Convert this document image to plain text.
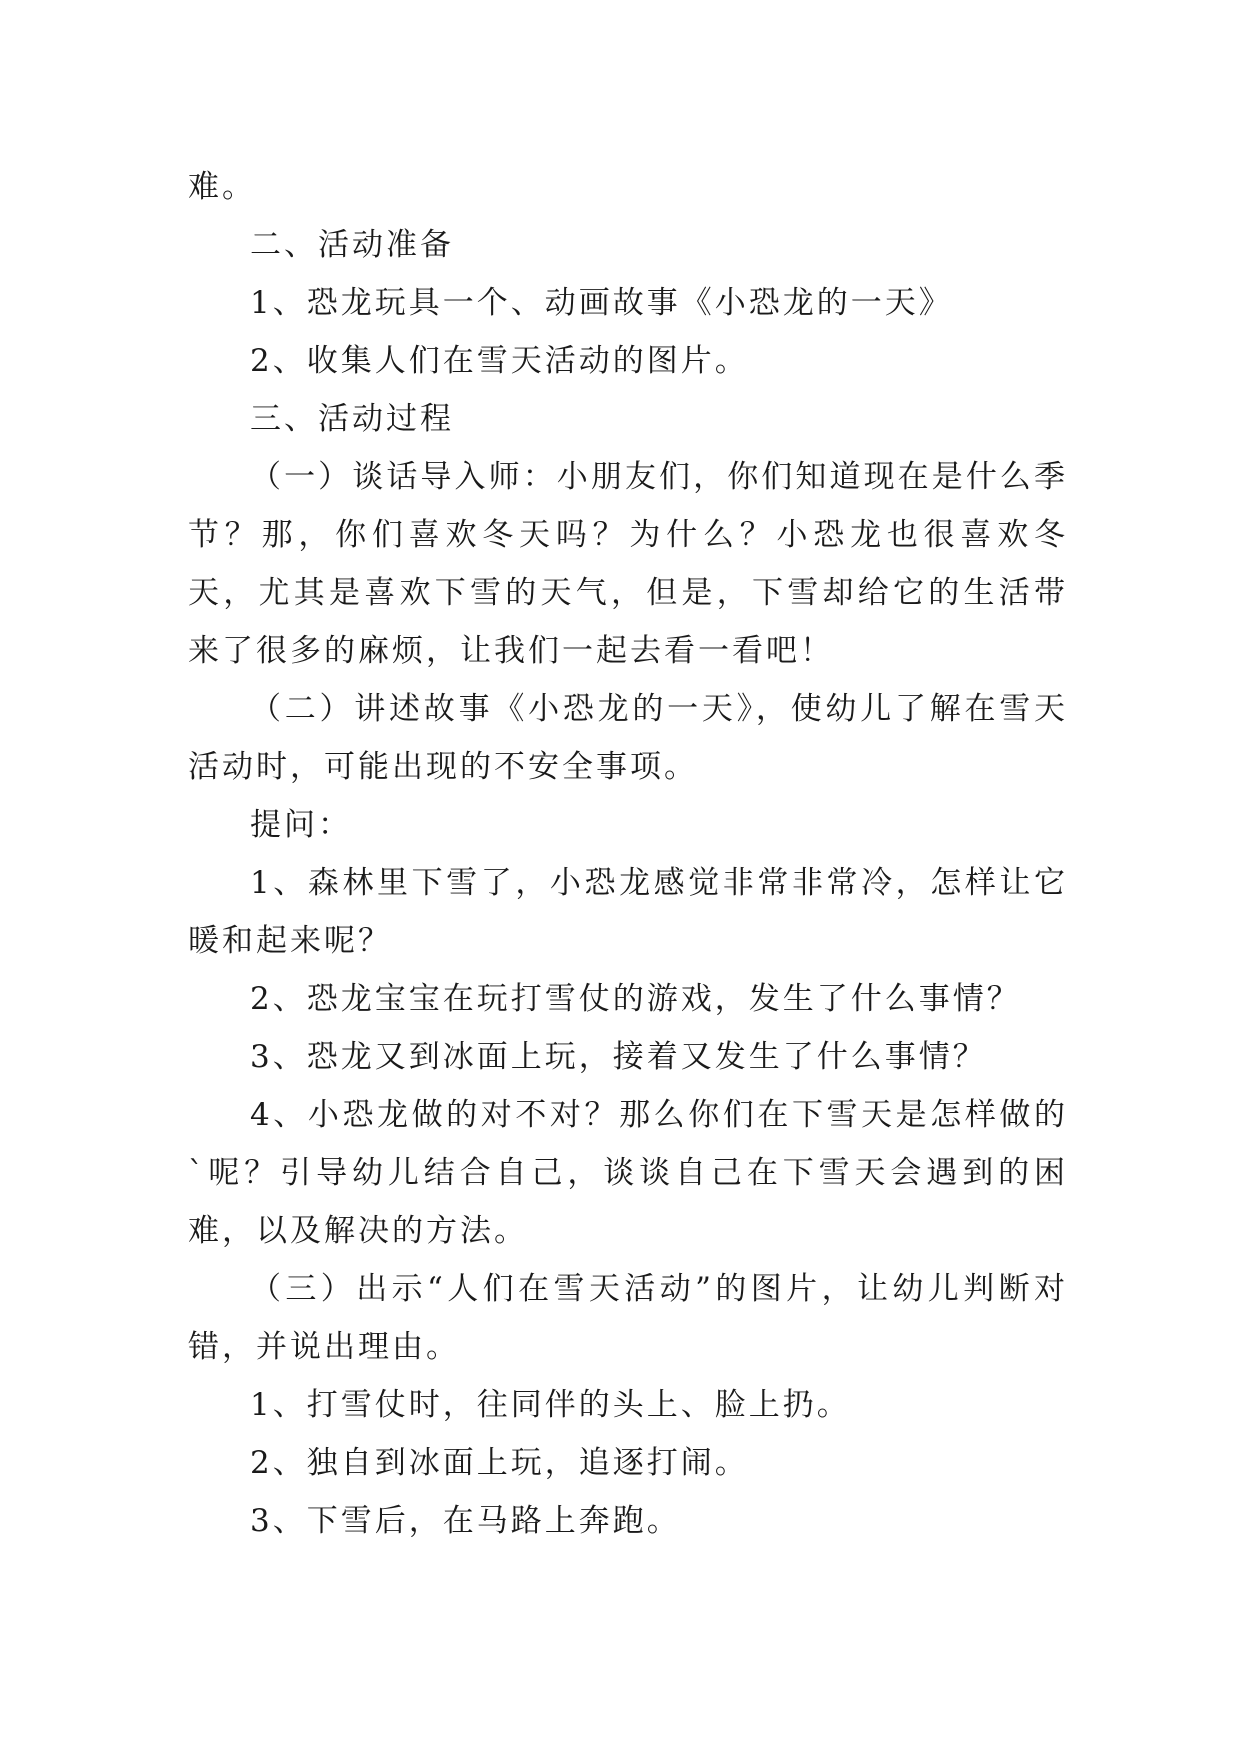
难。

二、活动准备

1、恐龙玩具一个、动画故事《小恐龙的一天》

2、收集人们在雪天活动的图片。

三、活动过程

（一）谈话导入师：小朋友们，你们知道现在是什么季节？那，你们喜欢冬天吗？为什么？小恐龙也很喜欢冬天，尤其是喜欢下雪的天气，但是，下雪却给它的生活带来了很多的麻烦，让我们一起去看一看吧！

（二）讲述故事《小恐龙的一天》，使幼儿了解在雪天活动时，可能出现的不安全事项。

提问：

1、森林里下雪了，小恐龙感觉非常非常冷，怎样让它暖和起来呢？

2、恐龙宝宝在玩打雪仗的游戏，发生了什么事情？

3、恐龙又到冰面上玩，接着又发生了什么事情？

4、小恐龙做的对不对？那么你们在下雪天是怎样做的`呢？引导幼儿结合自己，谈谈自己在下雪天会遇到的困难，以及解决的方法。

（三）出示“人们在雪天活动”的图片，让幼儿判断对错，并说出理由。

1、打雪仗时，往同伴的头上、脸上扔。

2、独自到冰面上玩，追逐打闹。

3、下雪后，在马路上奔跑。
